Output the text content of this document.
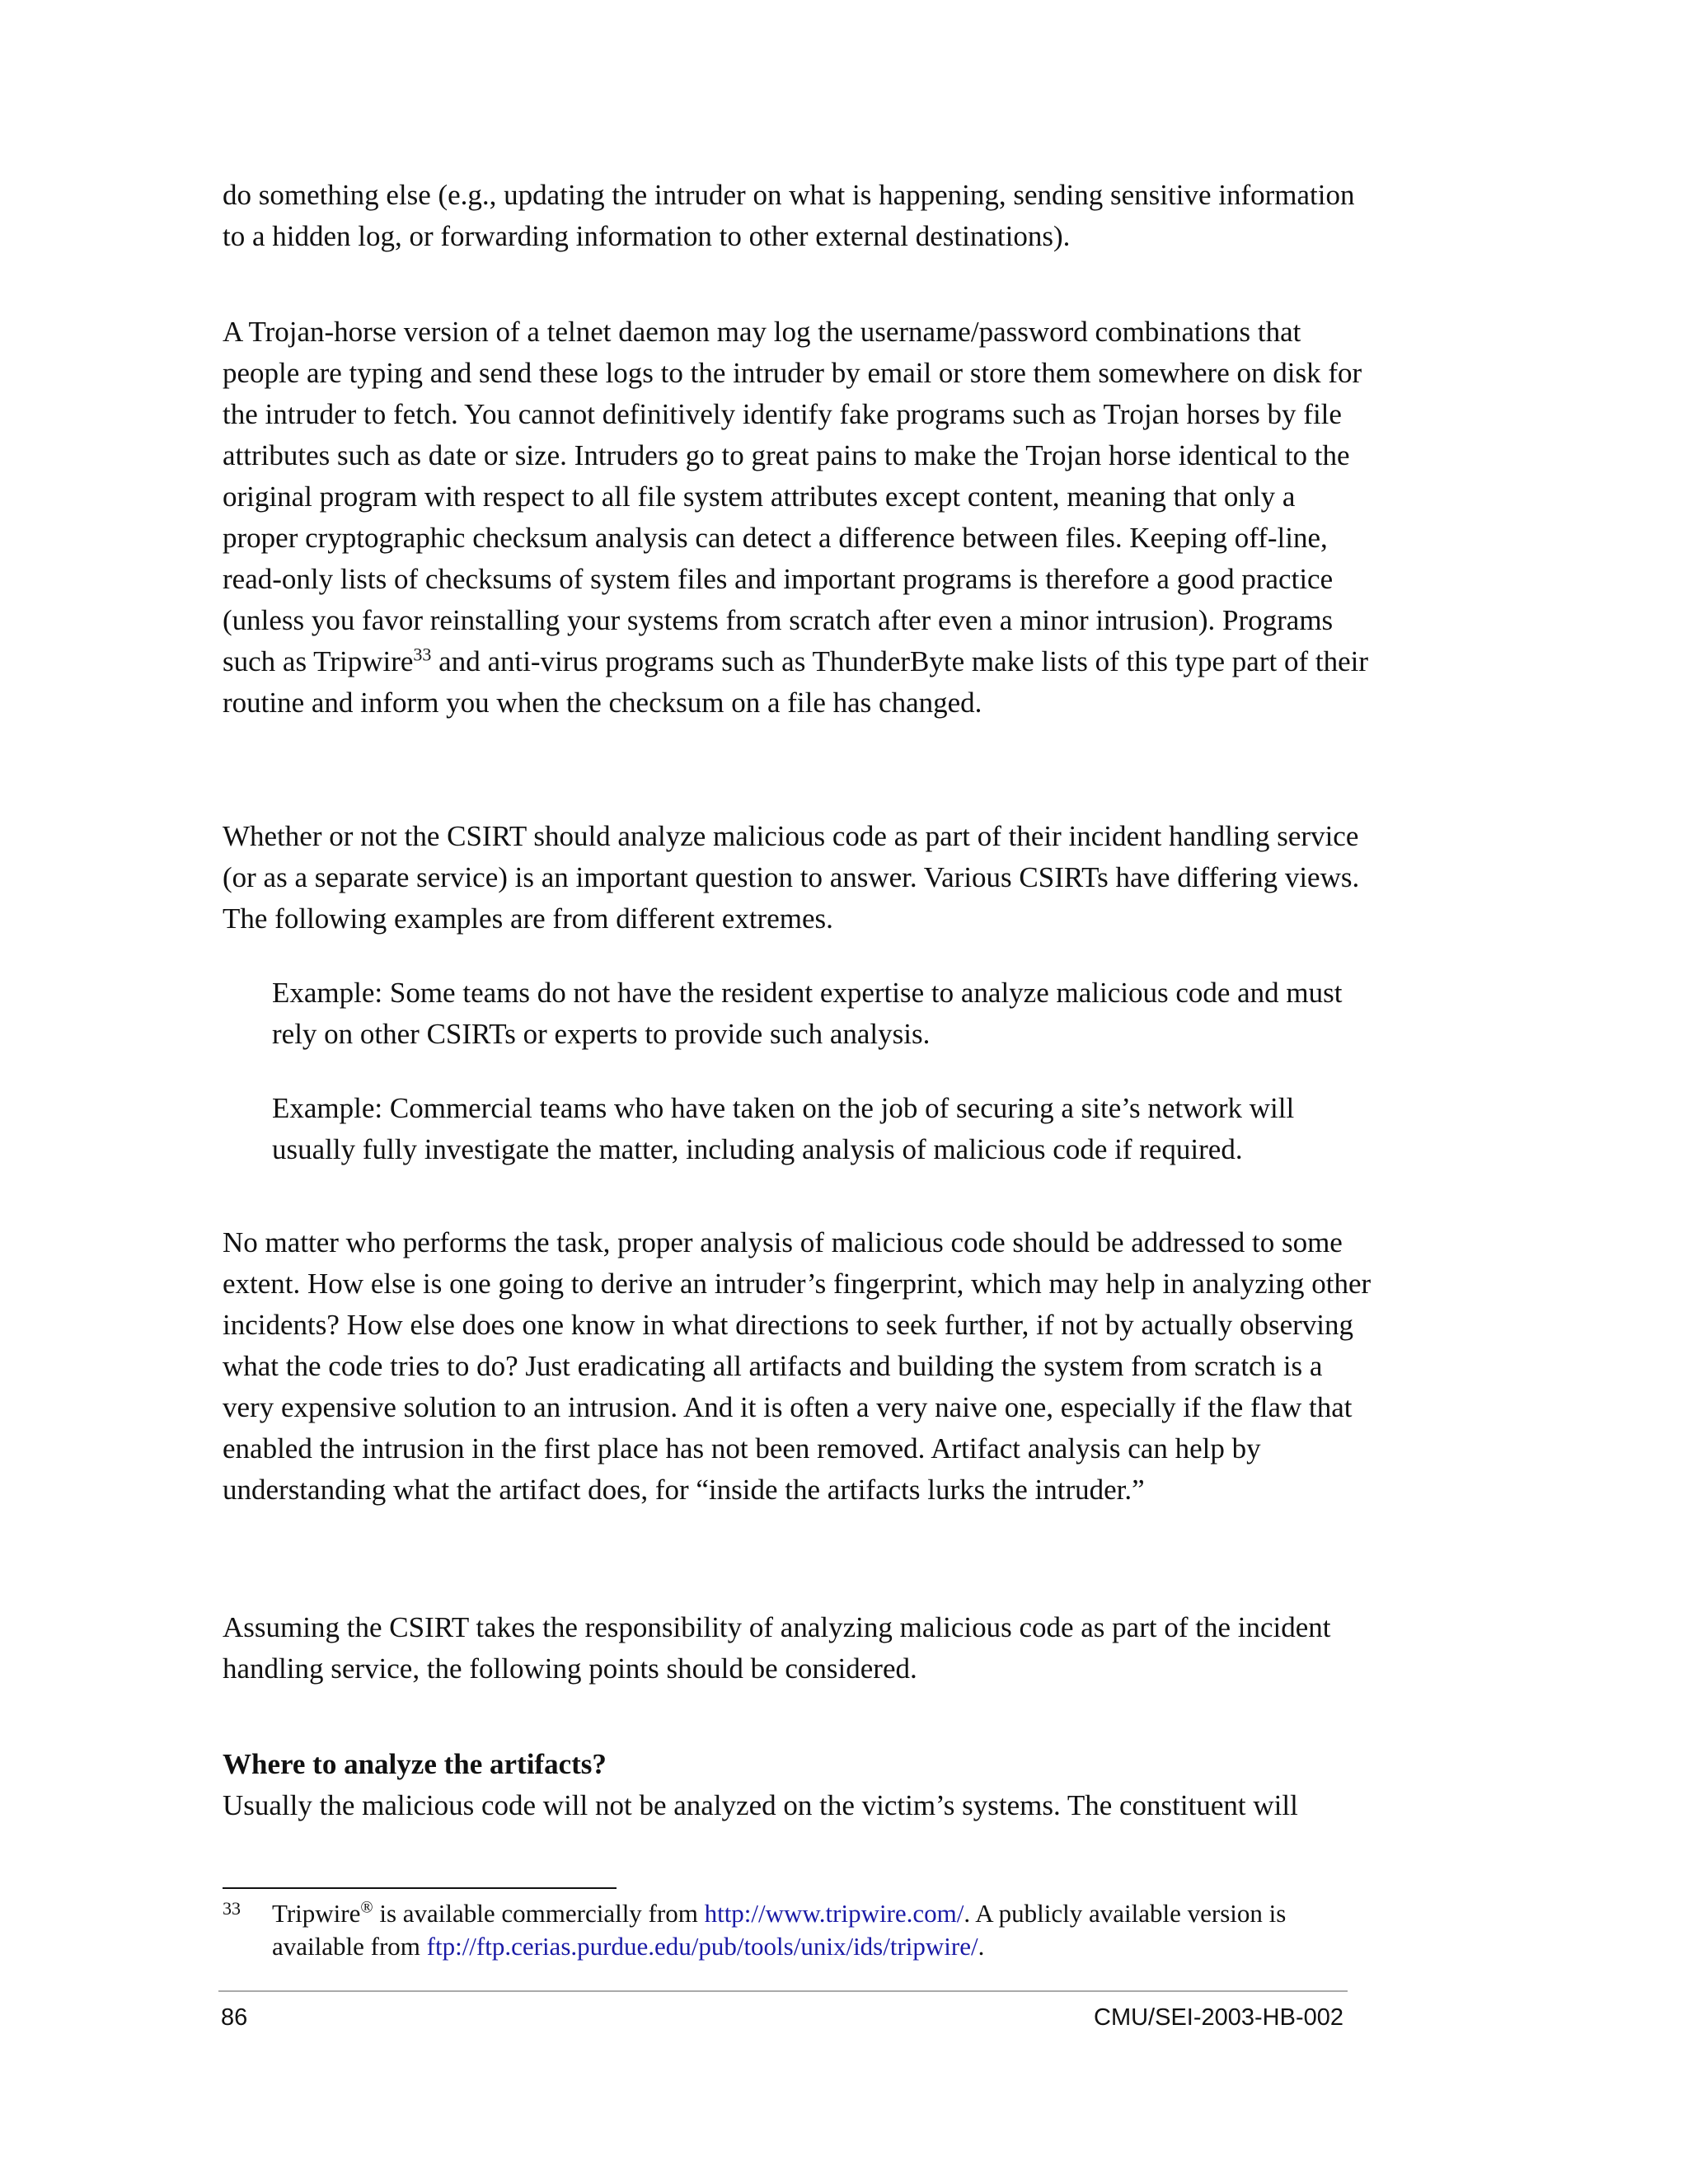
do something else (e.g., updating the intruder on what is happening, sending sensitive information to a hidden log, or forwarding information to other external destinations).

A Trojan-horse version of a telnet daemon may log the username/password combinations that people are typing and send these logs to the intruder by email or store them somewhere on disk for the intruder to fetch. You cannot definitively identify fake programs such as Trojan horses by file attributes such as date or size. Intruders go to great pains to make the Trojan horse identical to the original program with respect to all file system attributes except content, meaning that only a proper cryptographic checksum analysis can detect a difference between files. Keeping off-line, read-only lists of checksums of system files and important programs is therefore a good practice (unless you favor reinstalling your systems from scratch after even a minor intrusion). Programs such as Tripwire$^{33}$ and anti-virus programs such as ThunderByte make lists of this type part of their routine and inform you when the checksum on a file has changed.

Whether or not the CSIRT should analyze malicious code as part of their incident handling service (or as a separate service) is an important question to answer. Various CSIRTs have differing views. The following examples are from different extremes.

Example: Some teams do not have the resident expertise to analyze malicious code and must rely on other CSIRTs or experts to provide such analysis.

Example: Commercial teams who have taken on the job of securing a site’s network will usually fully investigate the matter, including analysis of malicious code if required.

No matter who performs the task, proper analysis of malicious code should be addressed to some extent. How else is one going to derive an intruder’s fingerprint, which may help in analyzing other incidents? How else does one know in what directions to seek further, if not by actually observing what the code tries to do? Just eradicating all artifacts and building the system from scratch is a very expensive solution to an intrusion. And it is often a very naive one, especially if the flaw that enabled the intrusion in the first place has not been removed. Artifact analysis can help by understanding what the artifact does, for “inside the artifacts lurks the intruder.”

Assuming the CSIRT takes the responsibility of analyzing malicious code as part of the incident handling service, the following points should be considered.

Where to analyze the artifacts?

Usually the malicious code will not be analyzed on the victim’s systems. The constituent will

33 Tripwire® is available commercially from http://www.tripwire.com/. A publicly available version is available from ftp://ftp.cerias.purdue.edu/pub/tools/unix/ids/tripwire/.
86	CMU/SEI-2003-HB-002
